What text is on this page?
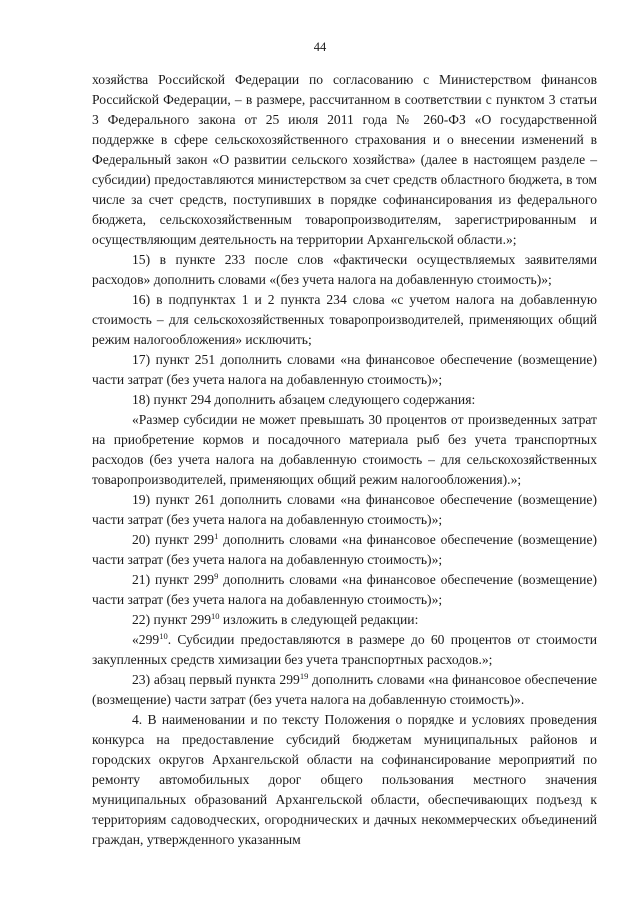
44

хозяйства Российской Федерации по согласованию с Министерством финансов Российской Федерации, – в размере, рассчитанном в соответствии с пунктом 3 статьи 3 Федерального закона от 25 июля 2011 года № 260-ФЗ «О государственной поддержке в сфере сельскохозяйственного страхования и о внесении изменений в Федеральный закон «О развитии сельского хозяйства» (далее в настоящем разделе – субсидии) предоставляются министерством за счет средств областного бюджета, в том числе за счет средств, поступивших в порядке софинансирования из федерального бюджета, сельскохозяйственным товаропроизводителям, зарегистрированным и осуществляющим деятельность на территории Архангельской области.»;

15) в пункте 233 после слов «фактически осуществляемых заявителями расходов» дополнить словами «(без учета налога на добавленную стоимость)»;

16) в подпунктах 1 и 2 пункта 234 слова «с учетом налога на добавленную стоимость – для сельскохозяйственных товаропроизводителей, применяющих общий режим налогообложения» исключить;

17) пункт 251 дополнить словами «на финансовое обеспечение (возмещение) части затрат (без учета налога на добавленную стоимость)»;

18) пункт 294 дополнить абзацем следующего содержания:

«Размер субсидии не может превышать 30 процентов от произведенных затрат на приобретение кормов и посадочного материала рыб без учета транспортных расходов (без учета налога на добавленную стоимость – для сельскохозяйственных товаропроизводителей, применяющих общий режим налогообложения).»;

19) пункт 261 дополнить словами «на финансовое обеспечение (возмещение) части затрат (без учета налога на добавленную стоимость)»;

20) пункт $299^1$ дополнить словами «на финансовое обеспечение (возмещение) части затрат (без учета налога на добавленную стоимость)»;

21) пункт $299^9$ дополнить словами «на финансовое обеспечение (возмещение) части затрат (без учета налога на добавленную стоимость)»;

22) пункт $299^{10}$ изложить в следующей редакции:

«$299^{10}$. Субсидии предоставляются в размере до 60 процентов от стоимости закупленных средств химизации без учета транспортных расходов.»;

23) абзац первый пункта $299^{19}$ дополнить словами «на финансовое обеспечение (возмещение) части затрат (без учета налога на добавленную стоимость)».

4. В наименовании и по тексту Положения о порядке и условиях проведения конкурса на предоставление субсидий бюджетам муниципальных районов и городских округов Архангельской области на софинансирование мероприятий по ремонту автомобильных дорог общего пользования местного значения муниципальных образований Архангельской области, обеспечивающих подъезд к территориям садоводческих, огороднических и дачных некоммерческих объединений граждан, утвержденного указанным
